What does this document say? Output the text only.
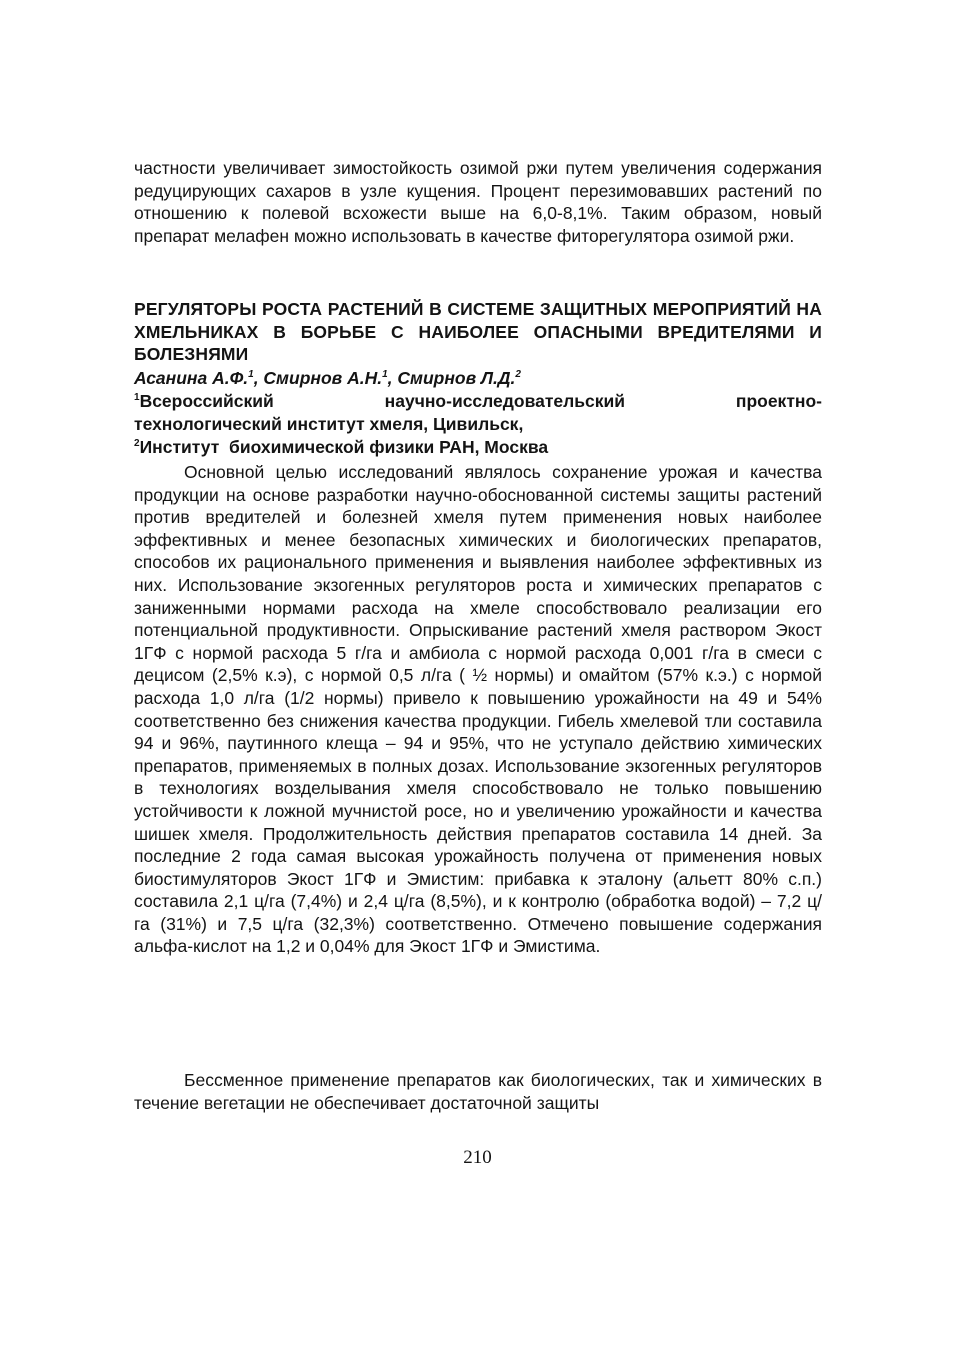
частности увеличивает зимостойкость озимой ржи путем увеличения содержания редуцирующих сахаров в узле кущения. Процент перезимовавших растений по отношению к полевой всхожести выше на 6,0-8,1%. Таким образом, новый препарат мелафен можно использовать в качестве фиторегулятора озимой ржи.

РЕГУЛЯТОРЫ РОСТА РАСТЕНИЙ В СИСТЕМЕ ЗАЩИТНЫХ МЕРОПРИЯТИЙ НА ХМЕЛЬНИКАХ В БОРЬБЕ С НАИБОЛЕЕ ОПАСНЫМИ ВРЕДИТЕЛЯМИ И БОЛЕЗНЯМИ
Асанина А.Ф.$^1$, Смирнов А.Н.$^1$, Смирнов Л.Д.$^2$
$^1$Всероссийский	научно-исследовательский	проектно-
технологический институт хмеля, Цивильск,
$^2$Институт  биохимической физики РАН, Москва

Основной целью исследований являлось сохранение урожая и качества продукции на основе разработки научно-обоснованной системы защиты растений против вредителей и болезней хмеля путем применения новых наиболее эффективных и менее безопасных химических и биологических препаратов, способов их рационального применения и выявления наиболее эффективных из них. Использование экзогенных регуляторов роста и химических препаратов с заниженными нормами расхода на хмеле способствовало реализации его потенциальной продуктивности. Опрыскивание растений хмеля раствором Экост 1ГФ с нормой расхода 5 г/га и амбиола с нормой расхода 0,001 г/га в смеси с децисом (2,5% к.э), с нормой 0,5 л/га ( ½ нормы) и омайтом (57% к.э.) с нормой расхода 1,0 л/га (1/2 нормы) привело к повышению урожайности на 49 и 54% соответственно без снижения качества продукции. Гибель хмелевой тли составила 94 и 96%, паутинного клеща – 94 и 95%, что не уступало действию химических препаратов, применяемых в полных дозах. Использование экзогенных регуляторов в технологиях возделывания хмеля способствовало не только повышению устойчивости к ложной мучнистой росе, но и увеличению урожайности и качества шишек хмеля. Продолжительность действия препаратов составила 14 дней. За последние 2 года самая высокая урожайность получена от применения новых биостимуляторов Экост 1ГФ и Эмистим: прибавка к эталону (альетт 80% с.п.) составила 2,1 ц/га (7,4%) и 2,4 ц/га (8,5%), и к контролю (обработка водой) – 7,2 ц/га (31%) и 7,5 ц/га (32,3%) соответственно. Отмечено повышение содержания альфа-кислот на 1,2 и 0,04% для Экост 1ГФ и Эмистима.

Бессменное применение препаратов как биологических, так и химических в течение вегетации не обеспечивает достаточной защиты

210
